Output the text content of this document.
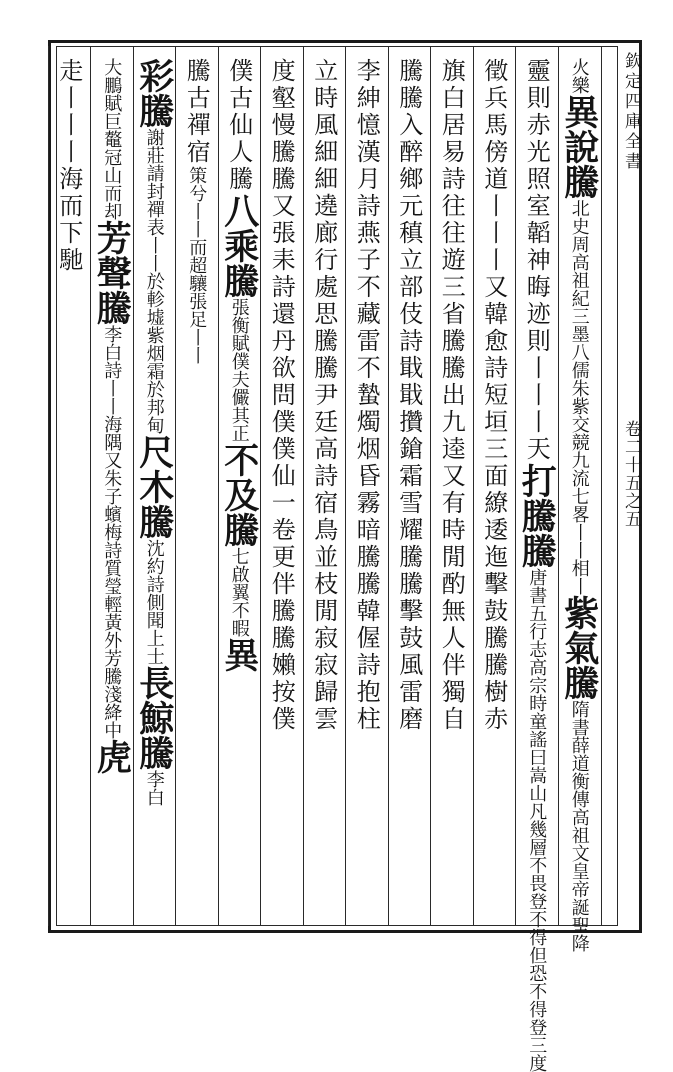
欽定四庫全書
卷二十五之五
火樂異說騰北史周高祖紀三墨八儒朱紫交競九流七畧丨丨相丨紫氣騰隋書薛道衡傳高祖文皇帝誕聖降
靈則赤光照室韜神晦迹則丨丨丨天打騰騰唐書五行志高宗時童謠曰嵩山凡幾層不畏登不得但恐不得登三度
徵兵馬傍道丨丨丨又韓愈詩短垣三面繚逶迤擊鼓騰騰樹赤
旗白居易詩往往遊三省騰騰出九逵又有時閒酌無人伴獨自
騰騰入醉鄉元稹立部伎詩戢戢攢鎗霜雪耀騰騰擊鼓風雷磨
李紳憶漢月詩燕子不藏雷不蟄燭烟昏霧暗騰騰韓偓詩抱柱
立時風細細遶廊行處思騰騰尹廷高詩宿鳥並枝閒寂寂歸雲
度壑慢騰騰又張耒詩還丹欲問僕僕仙一卷更伴騰騰嬾按僕
僕古仙人騰八乘騰張衡賦僕夫儼其正不及騰七啟翼不暇異
騰古禪宿策兮丨丨而超驤張足丨丨
彩騰謝莊請封禪表丨丨於軫墟紫烟霜於邦甸尺木騰沈約詩側聞上士長鯨騰李白
大鵬賦巨鼇冠山而却芳聲騰李白詩丨丨海隅又朱子蠙梅詩質瑩輕黃外芳騰淺絳中虎
走丨丨丨海而下馳
